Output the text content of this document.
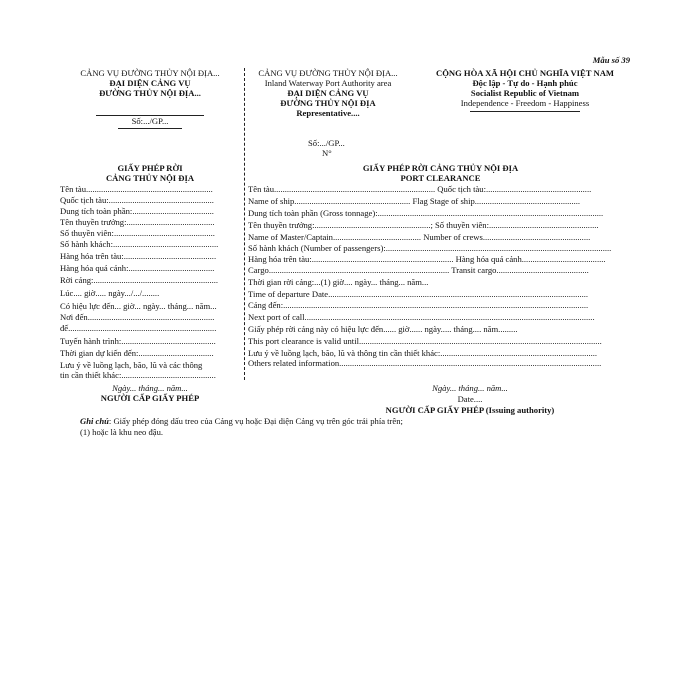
Mẫu số 39
CẢNG VỤ ĐƯỜNG THỦY NỘI ĐỊA...
ĐẠI DIỆN CẢNG VỤ
ĐƯỜNG THỦY NỘI ĐỊA...
Số:.../GP...
CẢNG VỤ ĐƯỜNG THỦY NỘI ĐỊA...
Inland Waterway Port Authority area
ĐẠI DIỆN CẢNG VỤ
ĐƯỜNG THỦY NỘI ĐỊA
Representative....
Số:.../GP...
N°
CỘNG HÒA XÃ HỘI CHỦ NGHĨA VIỆT NAM
Độc lập - Tự do - Hạnh phúc
Socialist Republic of Vietnam
Independence - Freedom - Happiness
GIẤY PHÉP RỜI
CẢNG THỦY NỘI ĐỊA
GIẤY PHÉP RỜI CẢNG THỦY NỘI ĐỊA
PORT CLEARANCE
Tên tàu...........................................................
Quốc tịch tàu:.................................................
Dung tích toàn phần:......................................
Tên thuyền trưởng:.........................................
Số thuyền viên:...............................................
Số hành khách:.................................................
Hàng hóa trên tàu:...........................................
Hàng hóa quá cảnh:........................................
Rời cảng:..........................................................
Lúc.... giờ..... ngày.../.../........
Có hiệu lực đến... giờ... ngày... tháng... năm...
Nơi đến...........................................................
đế.....................................................................
Tuyến hành trình:............................................
Thời gian dự kiến đến:...................................
Lưu ý về luồng lạch, bão, lũ và các thông
tin cần thiết khác:............................................
Tên tàu........................................................................... Quốc tịch tàu:.................................................
Name of ship...................................................... Flag Stage of ship.................................................
Dung tích toàn phần (Gross tonnage):.........................................................................................................
Tên thuyền trưởng:......................................................; Số thuyền viên:...................................................
Name of Master/Captain......................................... Number of crews..................................................
Số hành khách (Number of passengers):.........................................................................................................
Hàng hóa trên tàu:.................................................................. Hàng hóa quá cảnh.......................................
Cargo.................................................................................... Transit cargo...........................................
Thời gian rời cảng:...(1) giờ.... ngày... tháng... năm...
Time of departure Date.........................................................................................................................
Cảng đến:..............................................................................................................................................
Next port of call.......................................................................................................................................
Giấy phép rời cảng này có hiệu lực đến...... giờ...... ngày..... tháng.... năm.........
This port clearance is valid until.................................................................................................................
Lưu ý về luồng lạch, bão, lũ và thông tin cần thiết khác:.........................................................................
Others related information..........................................................................................................................
Ngày... tháng... năm...
NGƯỜI CẤP GIẤY PHÉP
Ngày... tháng... năm...
Date....
NGƯỜI CẤP GIẤY PHÉP (Issuing authority)
Ghi chú: Giấy phép đóng dấu treo của Cảng vụ hoặc Đại diện Cảng vụ trên góc trái phía trên;
(1) hoặc là khu neo đậu.
